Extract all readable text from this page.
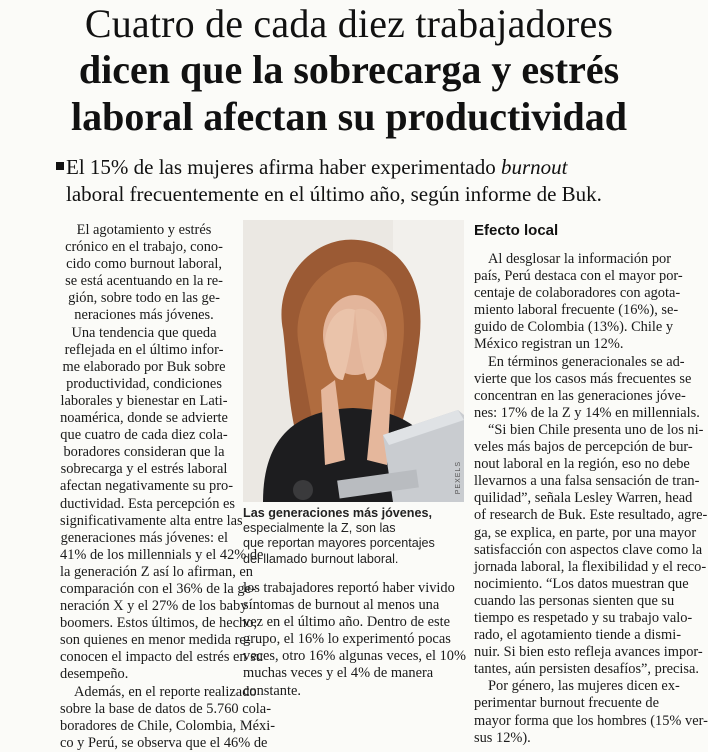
Cuatro de cada diez trabajadores
dicen que la sobrecarga y estrés
laboral afectan su productividad
El 15% de las mujeres afirma haber experimentado burnout
laboral frecuentemente en el último año, según informe de Buk.
El agotamiento y estrés
crónico en el trabajo, cono-
cido como burnout laboral,
se está acentuando en la re-
gión, sobre todo en las ge-
neraciones más jóvenes.
Una tendencia que queda
reflejada en el último infor-
me elaborado por Buk sobre
productividad, condiciones
laborales y bienestar en Lati-
noamérica, donde se advierte
que cuatro de cada diez cola-
boradores consideran que la
sobrecarga y el estrés laboral
afectan negativamente su pro-
ductividad. Esta percepción es
significativamente alta entre las
generaciones más jóvenes: el
41% de los millennials y el 42% de
la generación Z así lo afirman, en
comparación con el 36% de la ge-
neración X y el 27% de los baby
boomers. Estos últimos, de hecho,
son quienes en menor medida re-
conocen el impacto del estrés en su
desempeño.
Además, en el reporte realizado
sobre la base de datos de 5.760 cola-
boradores de Chile, Colombia, Méxi-
co y Perú, se observa que el 46% de
PEXELS
Las generaciones más jóvenes,
especialmente la Z, son las
que reportan mayores porcentajes
del llamado burnout laboral.
los trabajadores reportó haber vivido
síntomas de burnout al menos una
vez en el último año. Dentro de este
grupo, el 16% lo experimentó pocas
veces, otro 16% algunas veces, el 10%
muchas veces y el 4% de manera
constante.
Efecto local
Al desglosar la información por
país, Perú destaca con el mayor por-
centaje de colaboradores con agota-
miento laboral frecuente (16%), se-
guido de Colombia (13%). Chile y
México registran un 12%.
En términos generacionales se ad-
vierte que los casos más frecuentes se
concentran en las generaciones jóve-
nes: 17% de la Z y 14% en millennials.
“Si bien Chile presenta uno de los ni-
veles más bajos de percepción de bur-
nout laboral en la región, eso no debe
llevarnos a una falsa sensación de tran-
quilidad”, señala Lesley Warren, head
of research de Buk. Este resultado, agre-
ga, se explica, en parte, por una mayor
satisfacción con aspectos clave como la
jornada laboral, la flexibilidad y el reco-
nocimiento. “Los datos muestran que
cuando las personas sienten que su
tiempo es respetado y su trabajo valo-
rado, el agotamiento tiende a dismi-
nuir. Si bien esto refleja avances impor-
tantes, aún persisten desafíos”, precisa.
Por género, las mujeres dicen ex-
perimentar burnout frecuente de
mayor forma que los hombres (15% ver-
sus 12%).
